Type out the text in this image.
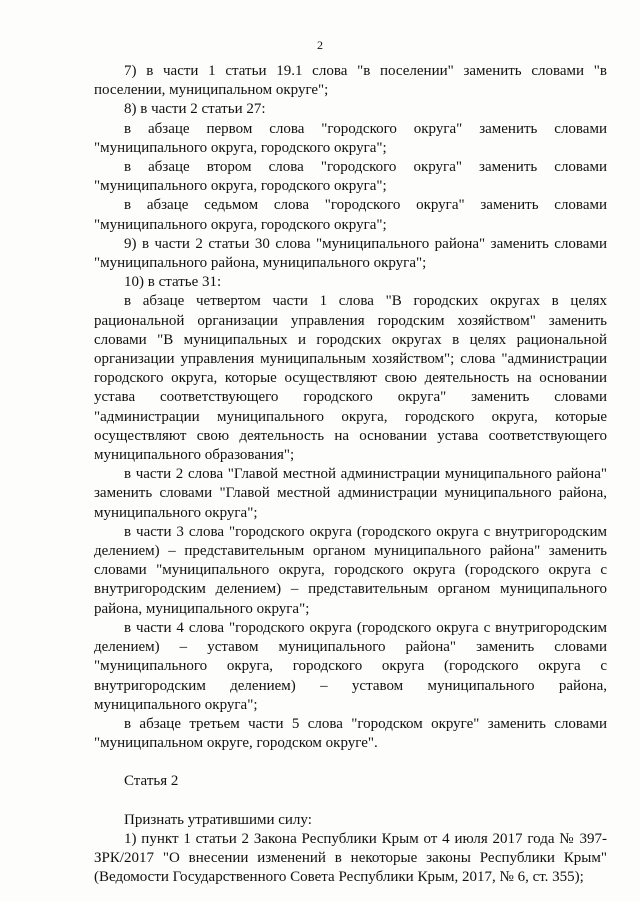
2

7) в части 1 статьи 19.1 слова "в поселении" заменить словами "в поселении, муниципальном округе";

8) в части 2 статьи 27:

в абзаце первом слова "городского округа" заменить словами "муниципального округа, городского округа";

в абзаце втором слова "городского округа" заменить словами "муниципального округа, городского округа";

в абзаце седьмом слова "городского округа" заменить словами "муниципального округа, городского округа";

9) в части 2 статьи 30 слова "муниципального района" заменить словами "муниципального района, муниципального округа";

10) в статье 31:

в абзаце четвертом части 1 слова "В городских округах в целях рациональной организации управления городским хозяйством" заменить словами "В муниципальных и городских округах в целях рациональной организации управления муниципальным хозяйством"; слова "администрации городского округа, которые осуществляют свою деятельность на основании устава соответствующего городского округа" заменить словами "администрации муниципального округа, городского округа, которые осуществляют свою деятельность на основании устава соответствующего муниципального образования";

в части 2 слова "Главой местной администрации муниципального района" заменить словами "Главой местной администрации муниципального района, муниципального округа";

в части 3 слова "городского округа (городского округа с внутригородским делением) – представительным органом муниципального района" заменить словами "муниципального округа, городского округа (городского округа с внутригородским делением) – представительным органом муниципального района, муниципального округа";

в части 4 слова "городского округа (городского округа с внутригородским делением) – уставом муниципального района" заменить словами "муниципального округа, городского округа (городского округа с внутригородским делением) – уставом муниципального района, муниципального округа";

в абзаце третьем части 5 слова "городском округе" заменить словами "муниципальном округе, городском округе".

Статья 2

Признать утратившими силу:

1) пункт 1 статьи 2 Закона Республики Крым от 4 июля 2017 года № 397-ЗРК/2017 "О внесении изменений в некоторые законы Республики Крым" (Ведомости Государственного Совета Республики Крым, 2017, № 6, ст. 355);
